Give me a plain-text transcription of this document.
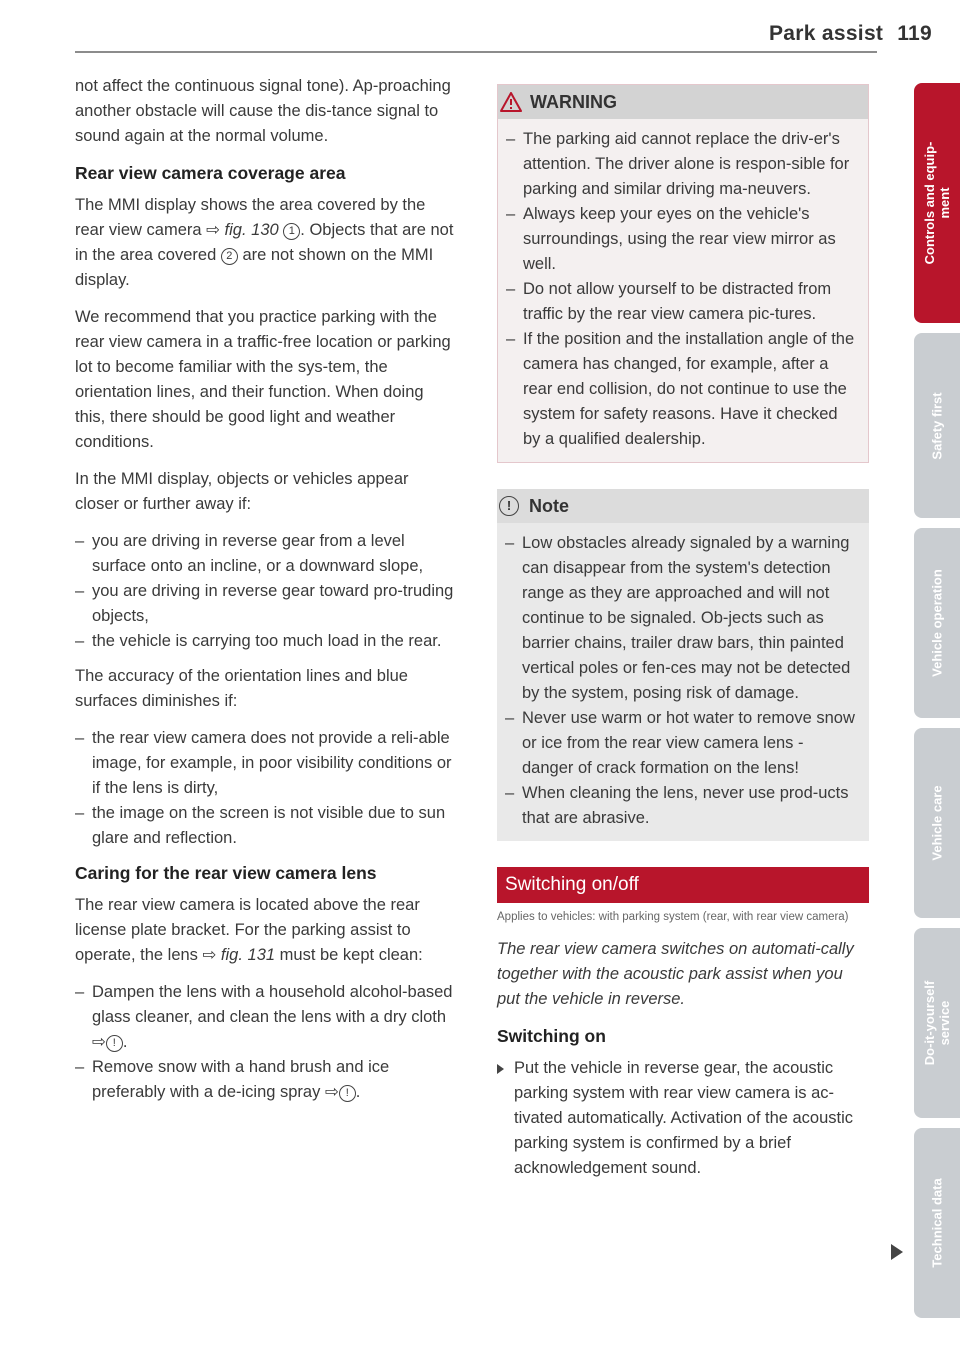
Park assist 119

not affect the continuous signal tone). Ap-proaching another obstacle will cause the dis-tance signal to sound again at the normal volume.

Rear view camera coverage area

The MMI display shows the area covered by the rear view camera ⇨ fig. 130 1 . Objects that are not in the area covered 2 are not shown on the MMI display.

We recommend that you practice parking with the rear view camera in a traffic-free location or parking lot to become familiar with the sys-tem, the orientation lines, and their function. When doing this, there should be good light and weather conditions.

In the MMI display, objects or vehicles appear closer or further away if:

– you are driving in reverse gear from a level surface onto an incline, or a downward slope,
– you are driving in reverse gear toward pro-truding objects,
– the vehicle is carrying too much load in the rear.

The accuracy of the orientation lines and blue surfaces diminishes if:

– the rear view camera does not provide a reli-able image, for example, in poor visibility conditions or if the lens is dirty,
– the image on the screen is not visible due to sun glare and reflection.
Caring for the rear view camera lens

The rear view camera is located above the rear license plate bracket. For the parking assist to operate, the lens ⇨ fig. 131 must be kept clean:

– Dampen the lens with a household alcohol-based glass cleaner, and clean the lens with a dry cloth ⇨ ! .
– Remove snow with a hand brush and ice preferably with a de-icing spray ⇨ ! .
WARNING
– The parking aid cannot replace the driv-er's attention. The driver alone is respon-sible for parking and similar driving ma-neuvers.
– Always keep your eyes on the vehicle's surroundings, using the rear view mirror as well.
– Do not allow yourself to be distracted from traffic by the rear view camera pic-tures.
– If the position and the installation angle of the camera has changed, for example, after a rear end collision, do not continue to use the system for safety reasons. Have it checked by a qualified dealership.
! Note
– Low obstacles already signaled by a warning can disappear from the system's detection range as they are approached and will not continue to be signaled. Ob-jects such as barrier chains, trailer draw bars, thin painted vertical poles or fen-ces may not be detected by the system, posing risk of damage.
– Never use warm or hot water to remove snow or ice from the rear view camera lens - danger of crack formation on the lens!
– When cleaning the lens, never use prod-ucts that are abrasive.
Switching on/off
Applies to vehicles: with parking system (rear, with rear view camera)
The rear view camera switches on automati-cally together with the acoustic park assist when you put the vehicle in reverse.
Switching on
Put the vehicle in reverse gear, the acoustic parking system with rear view camera is ac-tivated automatically. Activation of the acoustic parking system is confirmed by a brief acknowledgement sound.
Controls and equip-
ment
Safety first
Vehicle operation
Vehicle care
Do-it-yourself
service
Technical data
